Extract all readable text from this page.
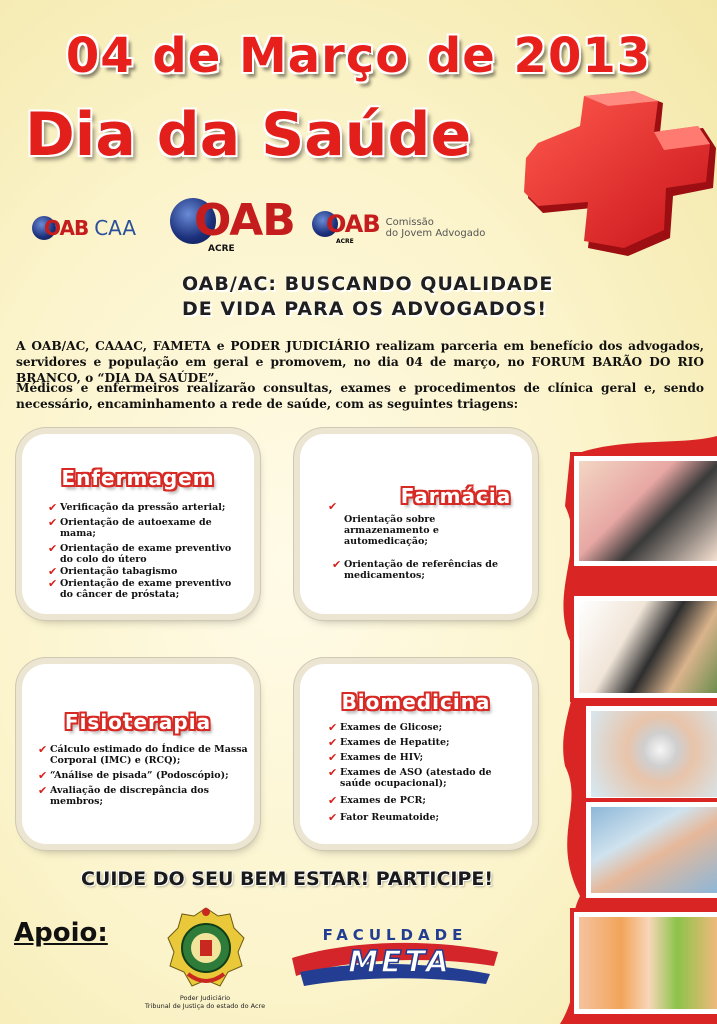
04 de Março de 2013
Dia da Saúde
OAB CAA OAB
ACRE
OAB
ACRE
Comissão
do Jovem Advogado
OAB/AC: BUSCANDO QUALIDADE
DE VIDA PARA OS ADVOGADOS!

A OAB/AC, CAAAC, FAMETA e PODER JUDICIÁRIO realizam parceria em benefício dos advogados, servidores e população em geral e promovem, no dia 04 de março, no FORUM BARÃO DO RIO BRANCO, o “DIA DA SAÚDE”.

Médicos e enfermeiros realizarão consultas, exames e procedimentos de clínica geral e, sendo necessário, encaminhamento a rede de saúde, com as seguintes triagens:

Enfermagem
✔ Verificação da pressão arterial;
✔ Orientação de autoexame de mama;
✔ Orientação de exame preventivo do colo do útero
✔ Orientação tabagismo
✔ Orientação de exame preventivo do câncer de próstata;
Farmácia
✔
Orientação sobre armazenamento e automedicação;
✔ Orientação de referências de medicamentos;
Fisioterapia
✔ Cálculo estimado do Índice de Massa Corporal (IMC) e (RCQ);
✔ “Análise de pisada” (Podoscópio);
✔ Avaliação de discrepância dos membros;
Biomedicina
✔ Exames de Glicose;
✔ Exames de Hepatite;
✔ Exames de HIV;
✔ Exames de ASO (atestado de saúde ocupacional);
✔ Exames de PCR;
✔ Fator Reumatoide;
CUIDE DO SEU BEM ESTAR! PARTICIPE!
Apoio:
Poder Judiciário
Tribunal de Justiça do estado do Acre
FACULDADE
META
